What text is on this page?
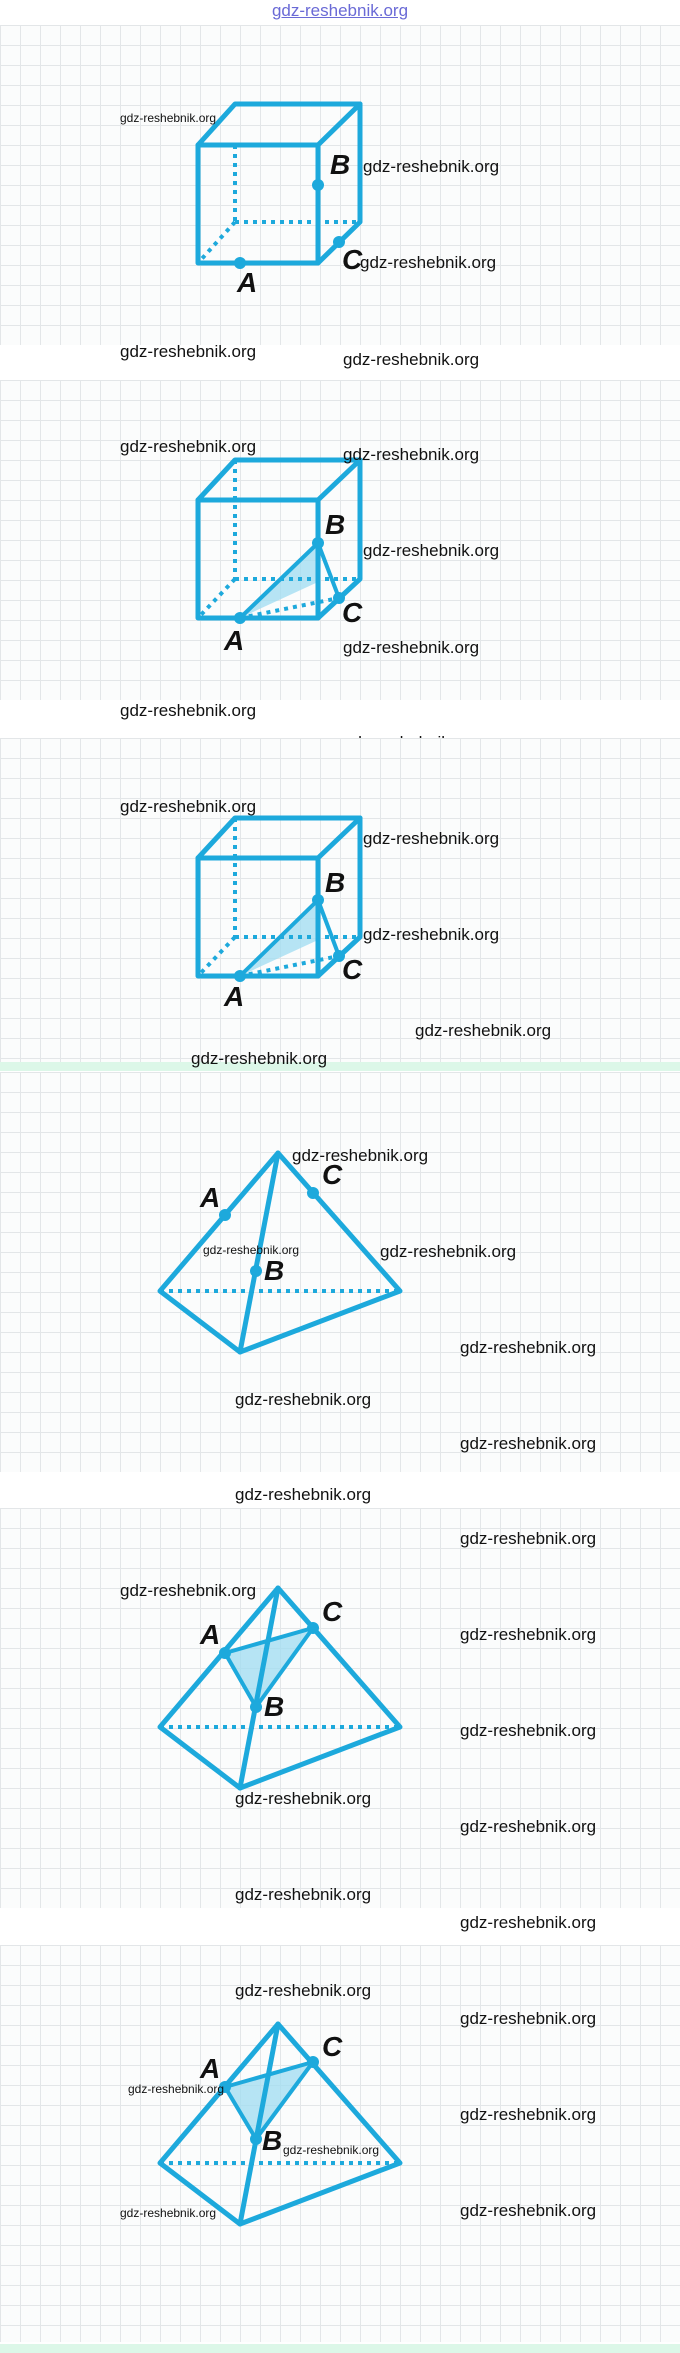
gdz-reshebnik.org
A
B
C
gdz-reshebnik.org
gdz-reshebnik.org
gdz-reshebnik.org
gdz-reshebnik.org	gdz-reshebnik.org
A
B
C
gdz-reshebnik.org	gdz-reshebnik.org
gdz-reshebnik.org
gdz-reshebnik.org
gdz-reshebnik.org
A
B
C
gdz-reshebnik.org
gdz-reshebnik.org
gdz-reshebnik.org
gdz-reshebnik.org
gdz-reshebnik.org
A
B
C
gdz-reshebnik.org
gdz-reshebnik.org	gdz-reshebnik.org
gdz-reshebnik.org
gdz-reshebnik.org
gdz-reshebnik.org
A
B
C
gdz-reshebnik.org
gdz-reshebnik.org
gdz-reshebnik.org
gdz-reshebnik.org
gdz-reshebnik.org
gdz-reshebnik.org
gdz-reshebnik.org
gdz-reshebnik.org
gdz-reshebnik.org
A
B
C
gdz-reshebnik.org
gdz-reshebnik.org
gdz-reshebnik.org
gdz-reshebnik.org
gdz-reshebnik.org
gdz-reshebnik.org	gdz-reshebnik.org
